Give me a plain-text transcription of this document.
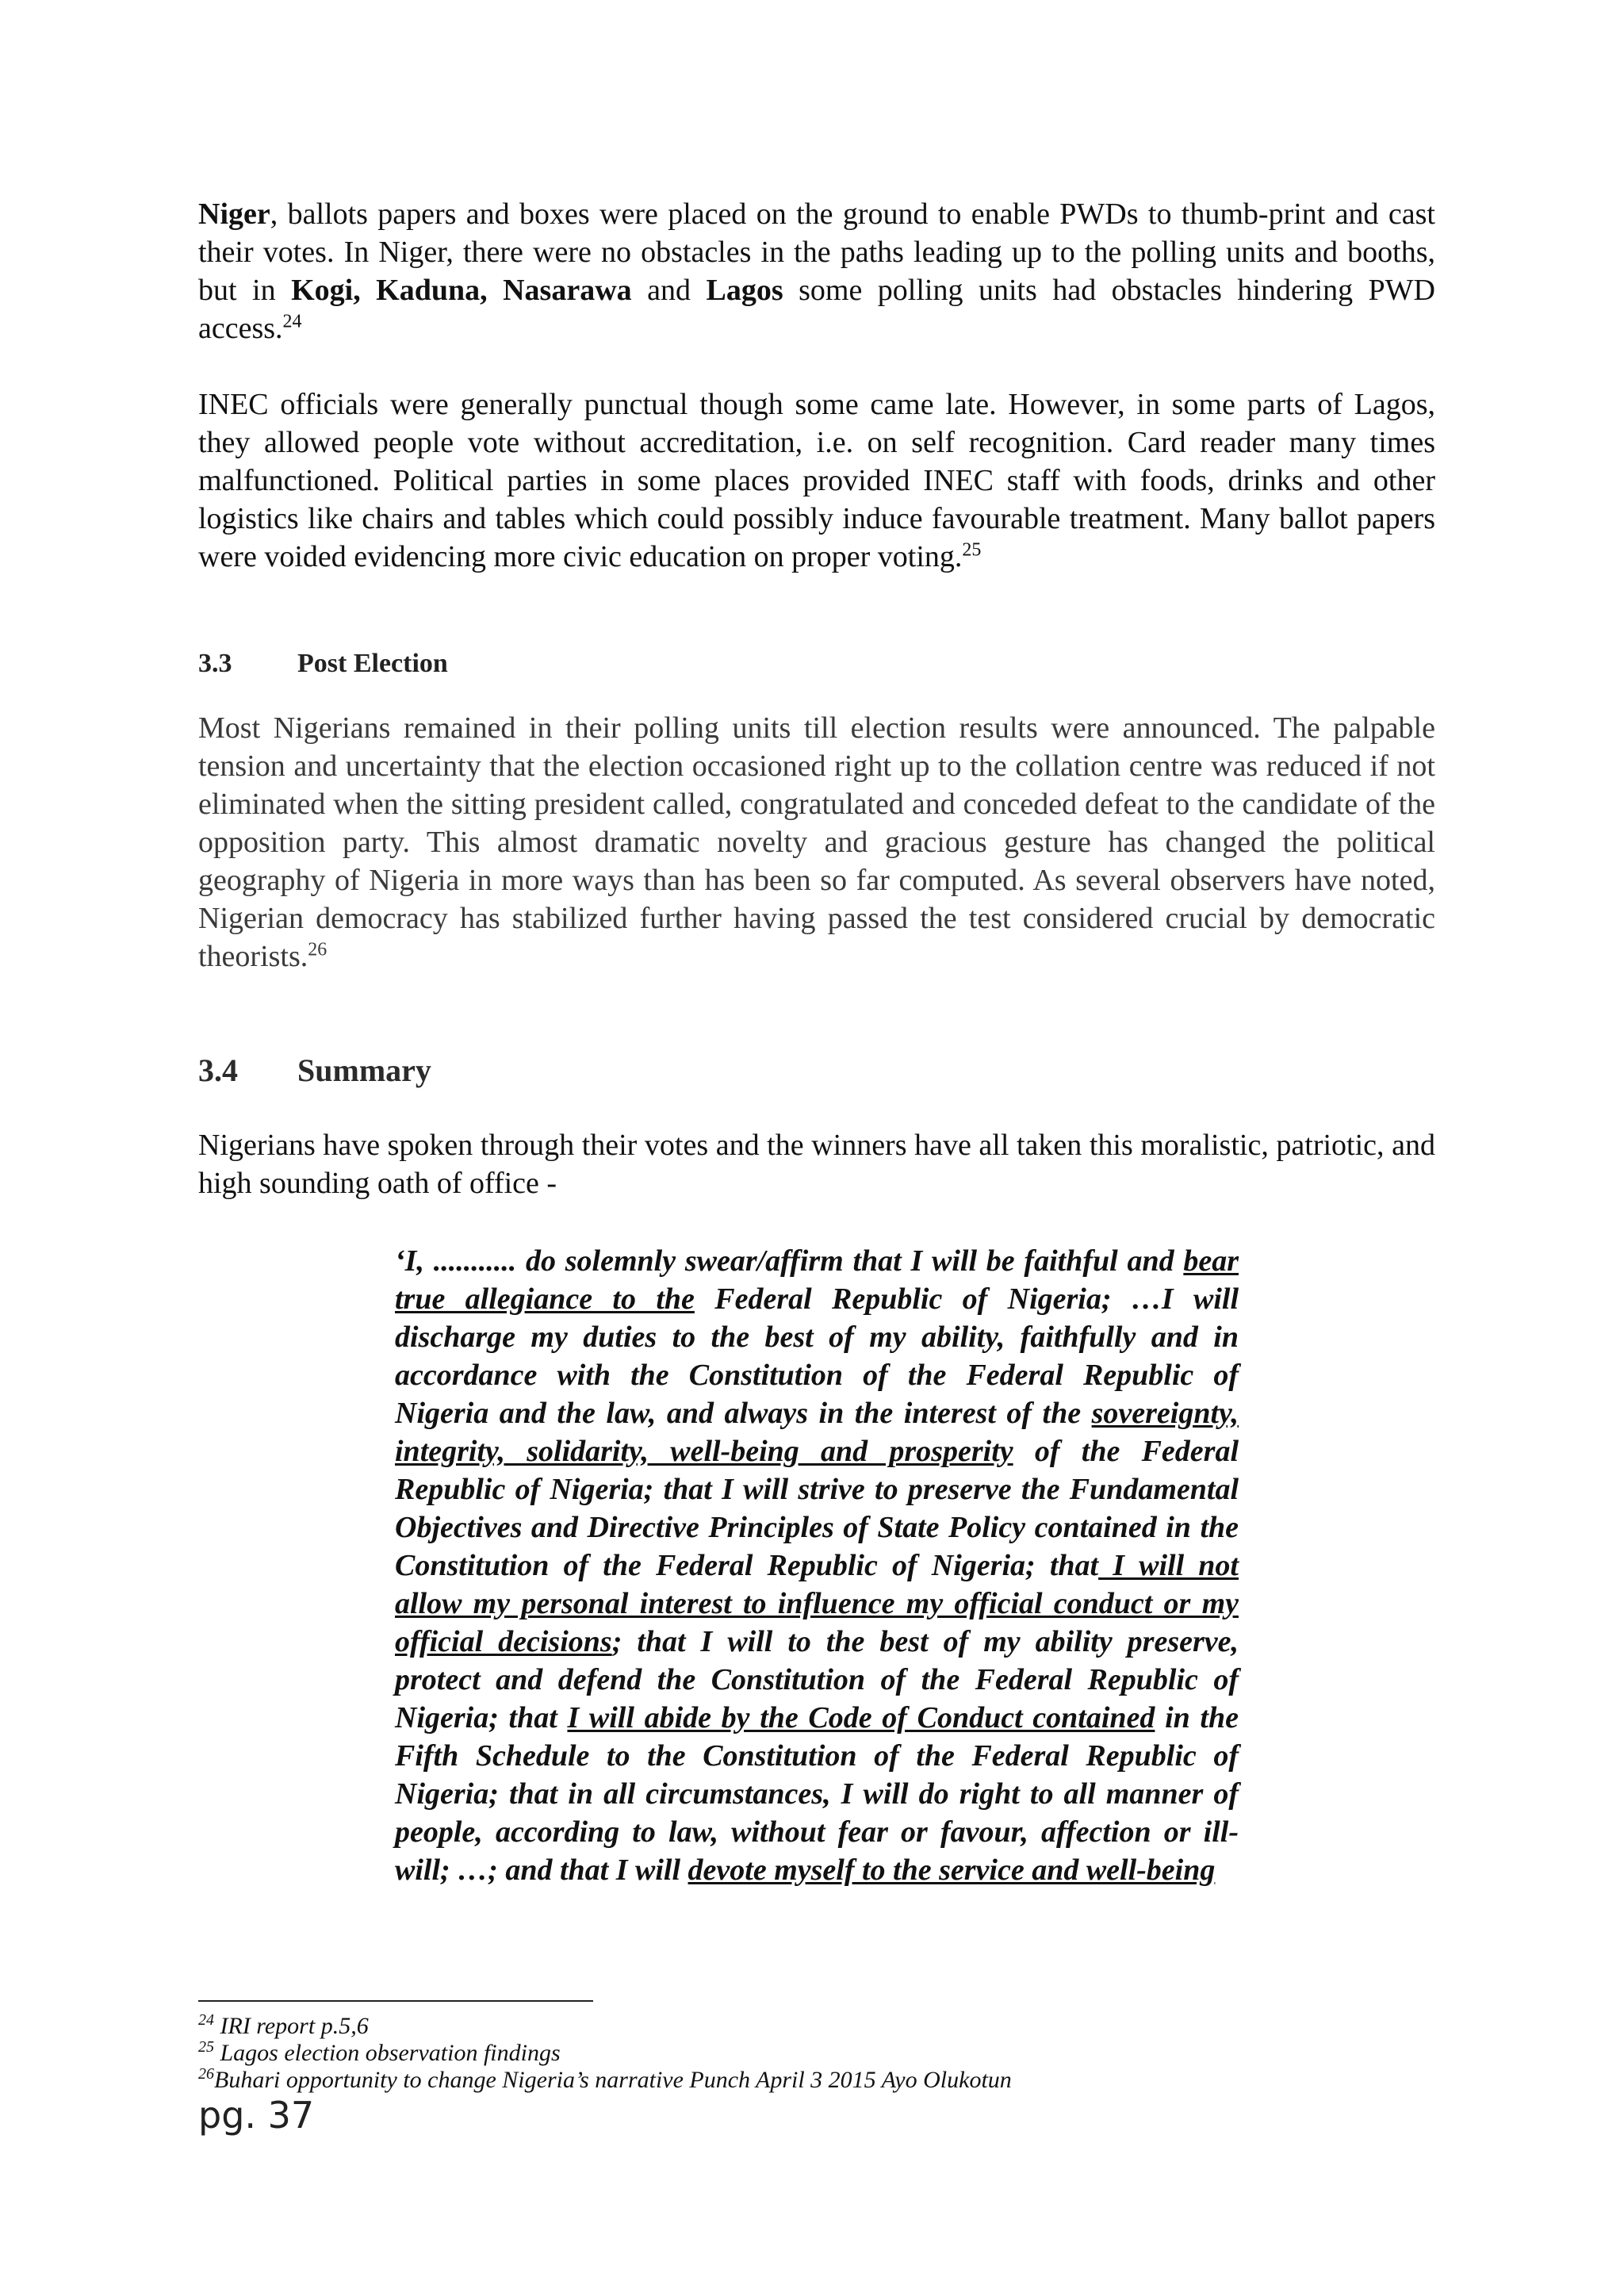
Niger, ballots papers and boxes were placed on the ground to enable PWDs to thumb-print and cast their votes. In Niger, there were no obstacles in the paths leading up to the polling units and booths, but in Kogi, Kaduna, Nasarawa and Lagos some polling units had obstacles hindering PWD access.$^{24}$

INEC officials were generally punctual though some came late. However, in some parts of Lagos, they allowed people vote without accreditation, i.e. on self recognition. Card reader many times malfunctioned. Political parties in some places provided INEC staff with foods, drinks and other logistics like chairs and tables which could possibly induce favourable treatment. Many ballot papers were voided evidencing more civic education on proper voting.$^{25}$

3.3 Post Election

Most Nigerians remained in their polling units till election results were announced. The palpable tension and uncertainty that the election occasioned right up to the collation centre was reduced if not eliminated when the sitting president called, congratulated and conceded defeat to the candidate of the opposition party. This almost dramatic novelty and gracious gesture has changed the political geography of Nigeria in more ways than has been so far computed. As several observers have noted, Nigerian democracy has stabilized further having passed the test considered crucial by democratic theorists.$^{26}$

3.4 Summary

Nigerians have spoken through their votes and the winners have all taken this moralistic, patriotic, and high sounding oath of office -

‘I, ........... do solemnly swear/affirm that I will be faithful and bear true allegiance to the Federal Republic of Nigeria; …I will discharge my duties to the best of my ability, faithfully and in accordance with the Constitution of the Federal Republic of Nigeria and the law, and always in the interest of the sovereignty, integrity, solidarity, well-being and prosperity of the Federal Republic of Nigeria; that I will strive to preserve the Fundamental Objectives and Directive Principles of State Policy contained in the Constitution of the Federal Republic of Nigeria; that I will not allow my personal interest to influence my official conduct or my official decisions; that I will to the best of my ability preserve, protect and defend the Constitution of the Federal Republic of Nigeria; that I will abide by the Code of Conduct contained in the Fifth Schedule to the Constitution of the Federal Republic of Nigeria; that in all circumstances, I will do right to all manner of people, according to law, without fear or favour, affection or ill-will; …; and that I will devote myself to the service and well-being

$^{24}$ IRI report p.5,6

$^{25}$ Lagos election observation findings

$^{26}$Buhari opportunity to change Nigeria’s narrative Punch April 3 2015 Ayo Olukotun

pg. 37
